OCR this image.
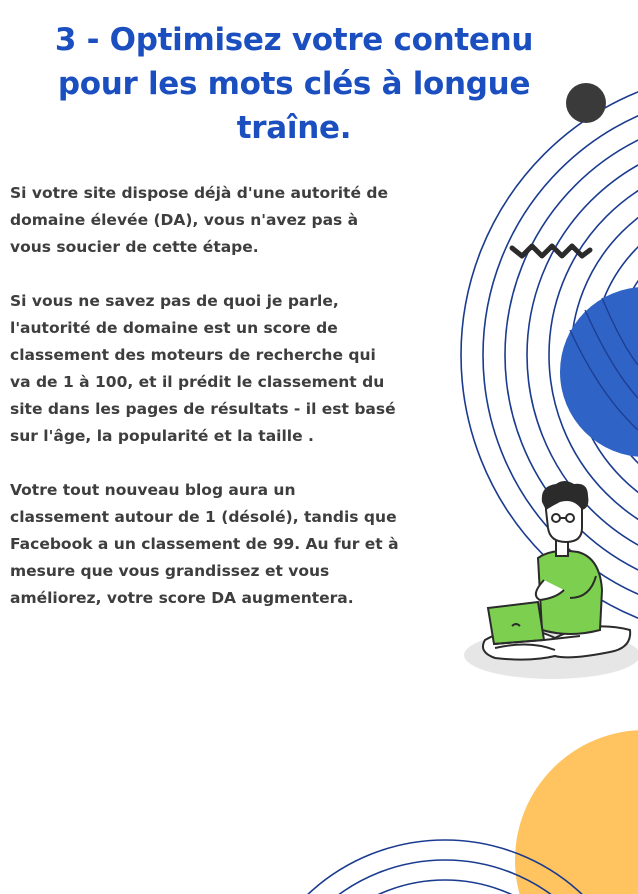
3 - Optimisez votre contenu
pour les mots clés à longue
traîne.

Si votre site dispose déjà d'une autorité de
domaine élevée (DA), vous n'avez pas à
vous soucier de cette étape.

Si vous ne savez pas de quoi je parle,
l'autorité de domaine est un score de
classement des moteurs de recherche qui
va de 1 à 100, et il prédit le classement du
site dans les pages de résultats - il est basé
sur l'âge, la popularité et la taille .

Votre tout nouveau blog aura un
classement autour de 1 (désolé), tandis que
Facebook a un classement de 99. Au fur et à
mesure que vous grandissez et vous
améliorez, votre score DA augmentera.
